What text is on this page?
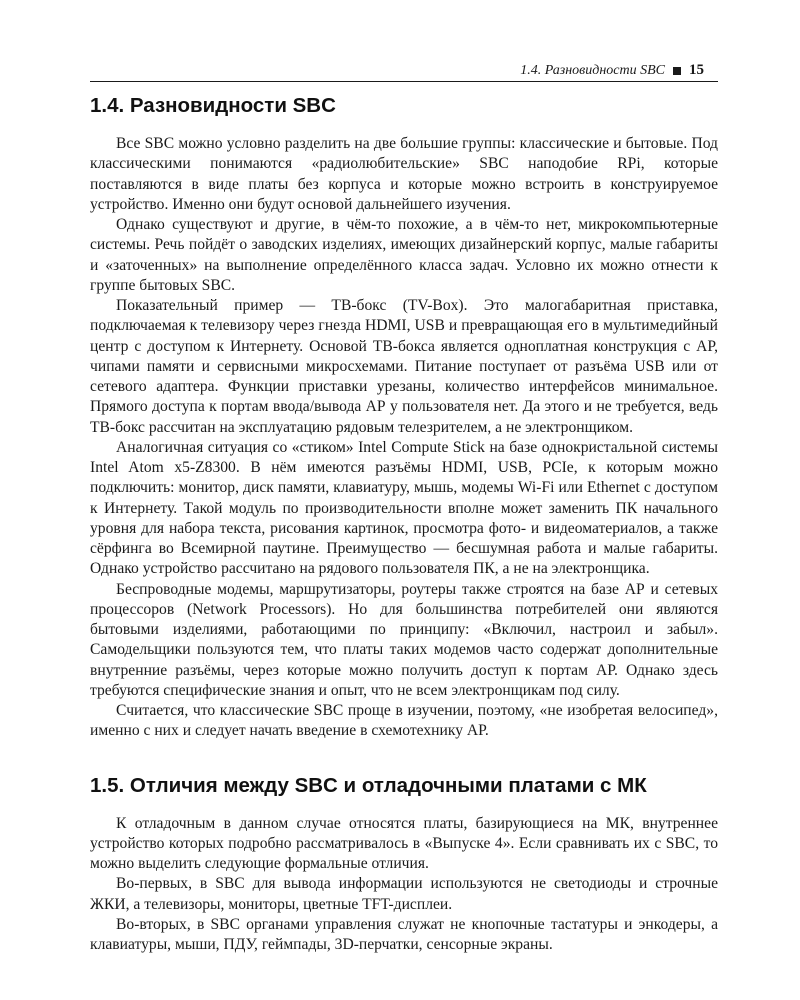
1.4. Разновидности SBC 15
1.4. Разновидности SBC

Все SBC можно условно разделить на две большие группы: классические и бытовые. Под классическими понимаются «радиолюбительские» SBC наподобие RPi, которые поставляются в виде платы без корпуса и которые можно встроить в конструируемое устройство. Именно они будут основой дальнейшего изучения.

Однако существуют и другие, в чём-то похожие, а в чём-то нет, микрокомпьютерные системы. Речь пойдёт о заводских изделиях, имеющих дизайнерский корпус, малые габариты и «заточенных» на выполнение определённого класса задач. Условно их можно отнести к группе бытовых SBC.

Показательный пример — ТВ-бокс (TV-Box). Это малогабаритная приставка, подключаемая к телевизору через гнезда HDMI, USB и превращающая его в мультимедийный центр с доступом к Интернету. Основой ТВ-бокса является одноплатная конструкция с АР, чипами памяти и сервисными микросхемами. Питание поступает от разъёма USB или от сетевого адаптера. Функции приставки урезаны, количество интерфейсов минимальное. Прямого доступа к портам ввода/вывода АР у пользователя нет. Да этого и не требуется, ведь ТВ-бокс рассчитан на эксплуатацию рядовым телезрителем, а не электронщиком.

Аналогичная ситуация со «стиком» Intel Compute Stick на базе однокристальной системы Intel Atom x5-Z8300. В нём имеются разъёмы HDMI, USB, PCIe, к которым можно подключить: монитор, диск памяти, клавиатуру, мышь, модемы Wi-Fi или Ethernet с доступом к Интернету. Такой модуль по производительности вполне может заменить ПК начального уровня для набора текста, рисования картинок, просмотра фото- и видеоматериалов, а также сёрфинга во Всемирной паутине. Преимущество — бесшумная работа и малые габариты. Однако устройство рассчитано на рядового пользователя ПК, а не на электронщика.

Беспроводные модемы, маршрутизаторы, роутеры также строятся на базе АР и сетевых процессоров (Network Processors). Но для большинства потребителей они являются бытовыми изделиями, работающими по принципу: «Включил, настроил и забыл». Самодельщики пользуются тем, что платы таких модемов часто содержат дополнительные внутренние разъёмы, через которые можно получить доступ к портам АР. Однако здесь требуются специфические знания и опыт, что не всем электронщикам под силу.

Считается, что классические SBC проще в изучении, поэтому, «не изобретая велосипед», именно с них и следует начать введение в схемотехнику АР.

1.5. Отличия между SBC и отладочными платами с МК

К отладочным в данном случае относятся платы, базирующиеся на МК, внутреннее устройство которых подробно рассматривалось в «Выпуске 4». Если сравнивать их с SBC, то можно выделить следующие формальные отличия.

Во-первых, в SBC для вывода информации используются не светодиоды и строчные ЖКИ, а телевизоры, мониторы, цветные TFT-дисплеи.

Во-вторых, в SBC органами управления служат не кнопочные тастатуры и энкодеры, а клавиатуры, мыши, ПДУ, геймпады, 3D-перчатки, сенсорные экраны.
